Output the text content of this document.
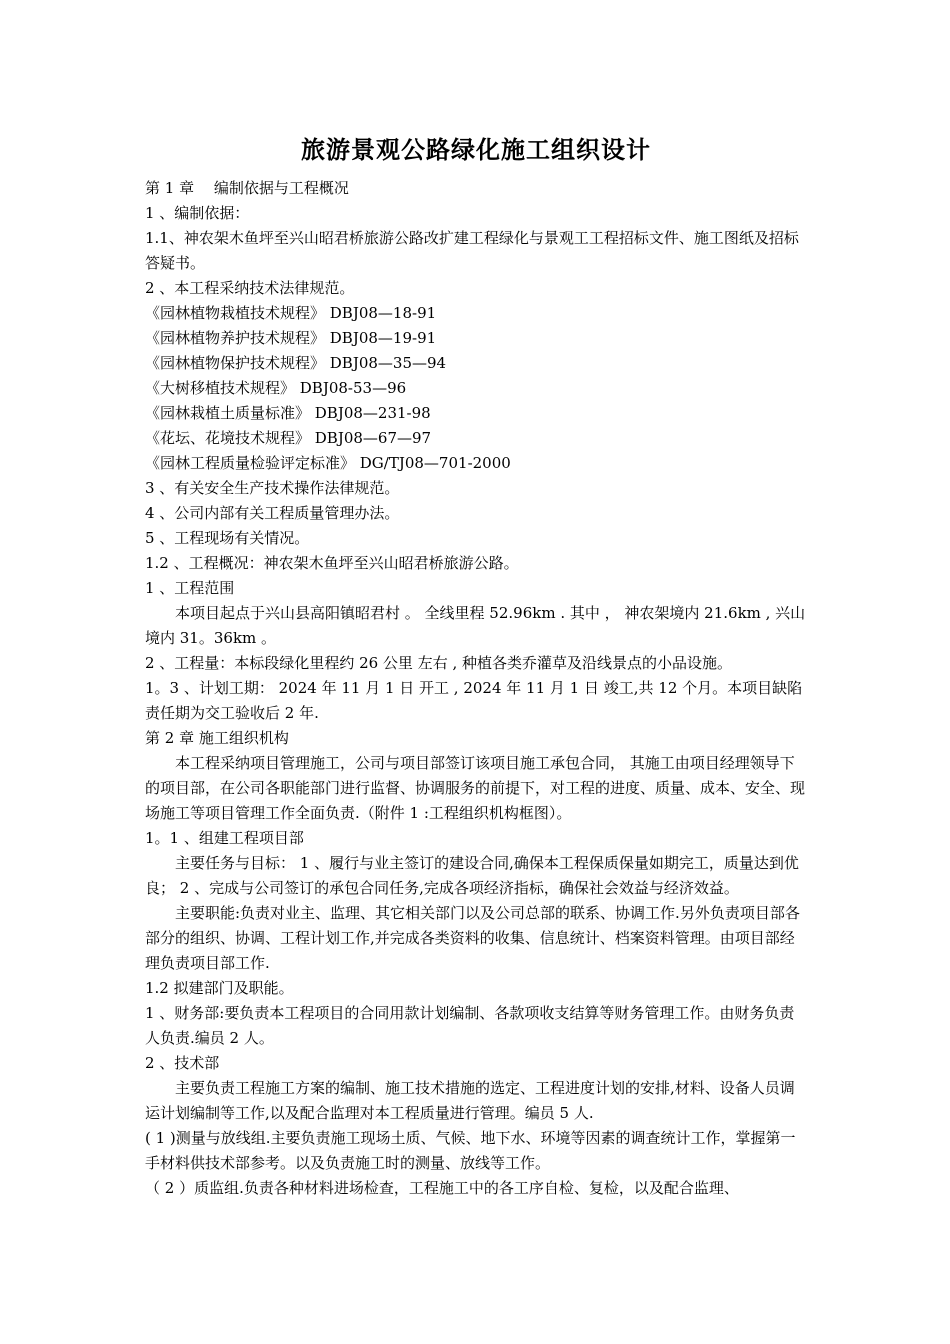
旅游景观公路绿化施工组织设计

第 1 章　 编制依据与工程概况

1 、编制依据：

1.1、神农架木鱼坪至兴山昭君桥旅游公路改扩建工程绿化与景观工工程招标文件、施工图纸及招标答疑书。

2 、本工程采纳技术法律规范。

《园林植物栽植技术规程》 DBJ08—18-91

《园林植物养护技术规程》 DBJ08—19-91

《园林植物保护技术规程》 DBJ08—35—94

《大树移植技术规程》 DBJ08-53—96

《园林栽植土质量标准》 DBJ08—231-98

《花坛、花境技术规程》 DBJ08—67—97

《园林工程质量检验评定标准》 DG/TJ08—701-2000

3 、有关安全生产技术操作法律规范。

4 、公司内部有关工程质量管理办法。

5 、工程现场有关情况。

1.2 、工程概况：神农架木鱼坪至兴山昭君桥旅游公路。

1 、工程范围

本项目起点于兴山县高阳镇昭君村 。 全线里程 52.96km . 其中 ， 神农架境内 21.6km , 兴山境内 31。36km 。

2 、工程量：本标段绿化里程约 26 公里 左右 , 种植各类乔灌草及沿线景点的小品设施。

1。3 、计划工期： 2024 年 11 月 1 日 开工 , 2024 年 11 月 1 日 竣工,共 12 个月。本项目缺陷责任期为交工验收后 2 年.

第 2 章 施工组织机构

本工程采纳项目管理施工，公司与项目部签订该项目施工承包合同， 其施工由项目经理领导下的项目部，在公司各职能部门进行监督、协调服务的前提下，对工程的进度、质量、成本、安全、现场施工等项目管理工作全面负责.（附件 1 :工程组织机构框图）。

1。1 、组建工程项目部

主要任务与目标： 1 、履行与业主签订的建设合同,确保本工程保质保量如期完工，质量达到优良； 2 、完成与公司签订的承包合同任务,完成各项经济指标，确保社会效益与经济效益。

主要职能:负责对业主、监理、其它相关部门以及公司总部的联系、协调工作.另外负责项目部各部分的组织、协调、工程计划工作,并完成各类资料的收集、信息统计、档案资料管理。由项目部经理负责项目部工作.

1.2 拟建部门及职能。

1 、财务部:要负责本工程项目的合同用款计划编制、各款项收支结算等财务管理工作。由财务负责人负责.编员 2 人。

2 、技术部

主要负责工程施工方案的编制、施工技术措施的选定、工程进度计划的安排,材料、设备人员调运计划编制等工作,以及配合监理对本工程质量进行管理。编员 5 人.

( 1 )测量与放线组.主要负责施工现场土质、气候、地下水、环境等因素的调查统计工作，掌握第一手材料供技术部参考。以及负责施工时的测量、放线等工作。

（ 2 ）质监组.负责各种材料进场检查，工程施工中的各工序自检、复检，以及配合监理、
